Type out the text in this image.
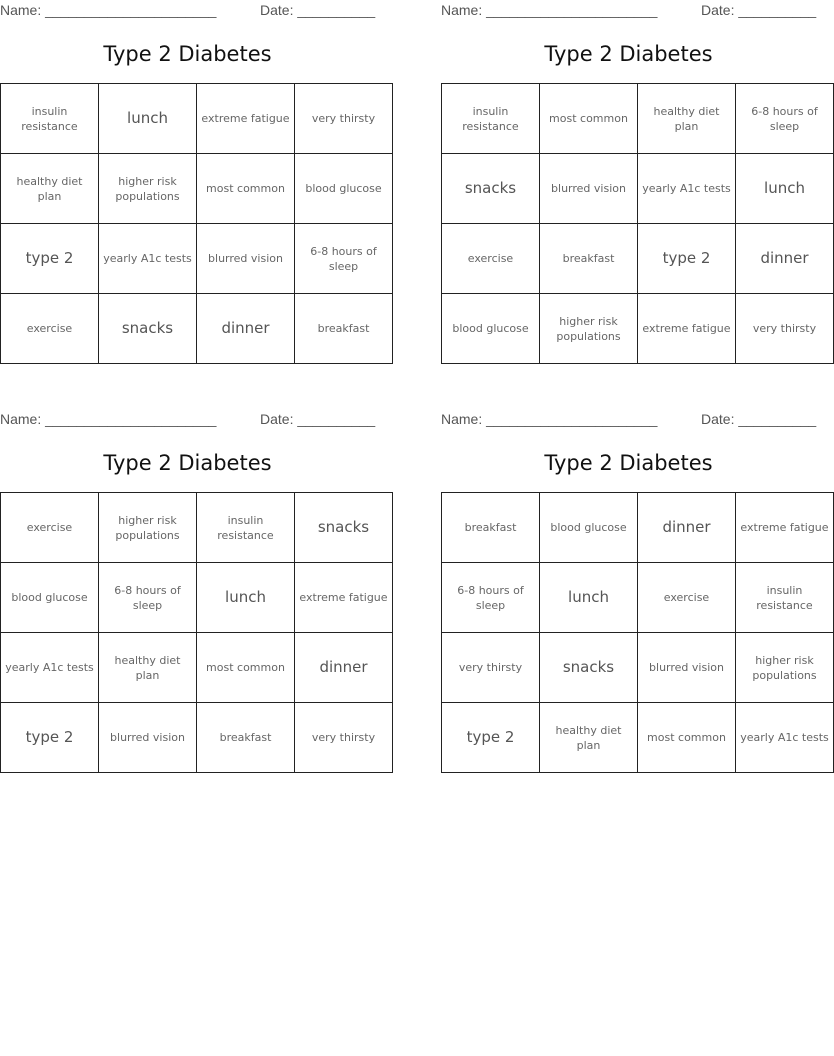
Name: ______________________	Date: __________
Type 2 Diabetes
insulin resistance	lunch	extreme fatigue	very thirsty
healthy diet plan	higher risk populations	most common	blood glucose
type 2	yearly A1c tests	blurred vision	6-8 hours of sleep
exercise	snacks	dinner	breakfast
Name: ______________________	Date: __________
Type 2 Diabetes
insulin resistance	most common	healthy diet plan	6-8 hours of sleep
snacks	blurred vision	yearly A1c tests	lunch
exercise	breakfast	type 2	dinner
blood glucose	higher risk populations	extreme fatigue	very thirsty
Name: ______________________	Date: __________
Type 2 Diabetes
exercise	higher risk populations	insulin resistance	snacks
blood glucose	6-8 hours of sleep	lunch	extreme fatigue
yearly A1c tests	healthy diet plan	most common	dinner
type 2	blurred vision	breakfast	very thirsty
Name: ______________________	Date: __________
Type 2 Diabetes
breakfast	blood glucose	dinner	extreme fatigue
6-8 hours of sleep	lunch	exercise	insulin resistance
very thirsty	snacks	blurred vision	higher risk populations
type 2	healthy diet plan	most common	yearly A1c tests
